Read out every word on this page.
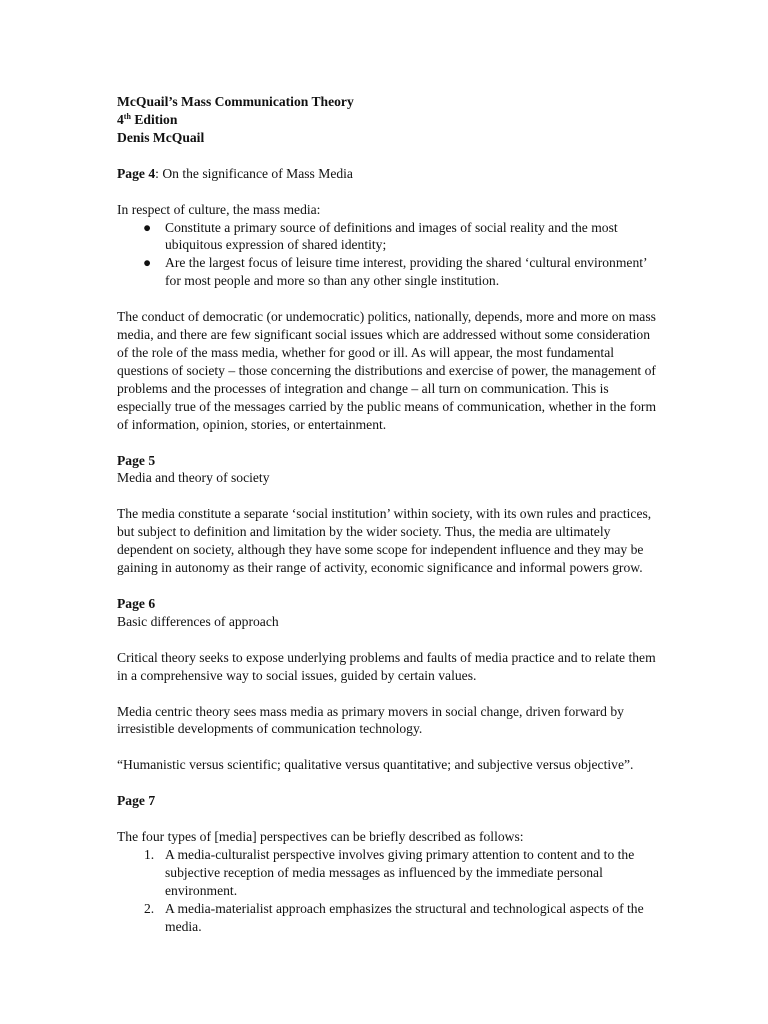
McQuail’s Mass Communication Theory
4th Edition
Denis McQuail

Page 4: On the significance of Mass Media

In respect of culture, the mass media:

● Constitute a primary source of definitions and images of social reality and the most ubiquitous expression of shared identity;
● Are the largest focus of leisure time interest, providing the shared ‘cultural environment’ for most people and more so than any other single institution.

The conduct of democratic (or undemocratic) politics, nationally, depends, more and more on mass media, and there are few significant social issues which are addressed without some consideration of the role of the mass media, whether for good or ill. As will appear, the most fundamental questions of society – those concerning the distributions and exercise of power, the management of problems and the processes of integration and change – all turn on communication. This is especially true of the messages carried by the public means of communication, whether in the form of information, opinion, stories, or entertainment.

Page 5

Media and theory of society

The media constitute a separate ‘social institution’ within society, with its own rules and practices, but subject to definition and limitation by the wider society. Thus, the media are ultimately dependent on society, although they have some scope for independent influence and they may be gaining in autonomy as their range of activity, economic significance and informal powers grow.

Page 6

Basic differences of approach

Critical theory seeks to expose underlying problems and faults of media practice and to relate them in a comprehensive way to social issues, guided by certain values.

Media centric theory sees mass media as primary movers in social change, driven forward by irresistible developments of communication technology.

“Humanistic versus scientific; qualitative versus quantitative; and subjective versus objective”.

Page 7

The four types of [media] perspectives can be briefly described as follows:

1. A media-culturalist perspective involves giving primary attention to content and to the subjective reception of media messages as influenced by the immediate personal environment.
2. A media-materialist approach emphasizes the structural and technological aspects of the media.
